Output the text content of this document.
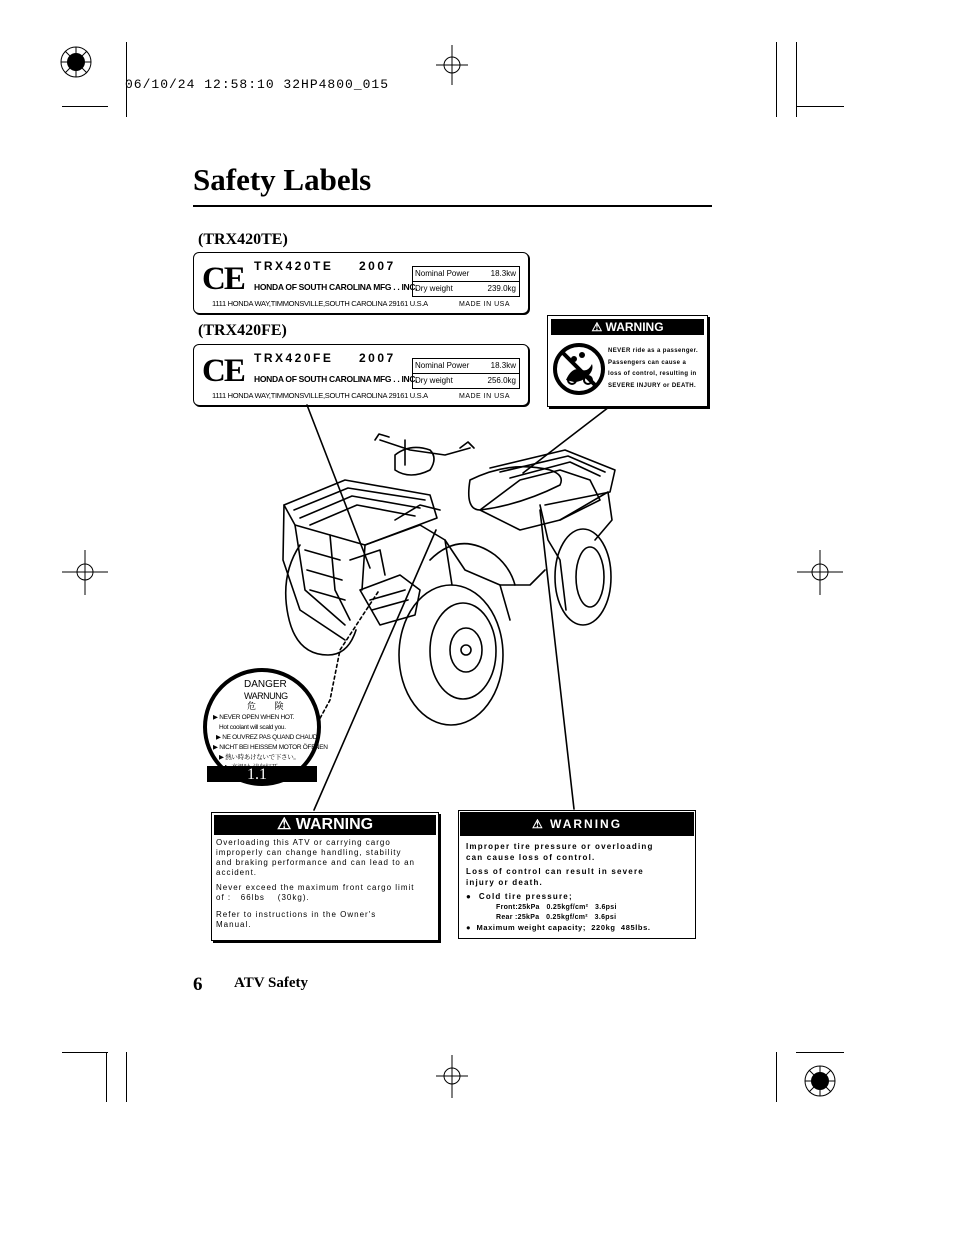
06/10/24 12:58:10 32HP4800_015
Safety Labels
(TRX420TE)
CE TRX420TE 2007
Nominal Power	18.3kw
Dry weight	239.0kg
HONDA OF SOUTH CAROLINA MFG . . INC.
1111 HONDA WAY,TIMMONSVILLE,SOUTH CAROLINA 29161 U.S.A	MADE IN USA
(TRX420FE)
CE TRX420FE 2007
Nominal Power	18.3kw
Dry weight	256.0kg
HONDA OF SOUTH CAROLINA MFG . . INC.
1111 HONDA WAY,TIMMONSVILLE,SOUTH CAROLINA 29161 U.S.A	MADE IN USA
⚠ WARNING
NEVER ride as a passenger.
Passengers can cause a
loss of control, resulting in
SEVERE INJURY or DEATH.
DANGER
WARNUNG
危 険
▶ NEVER OPEN WHEN HOT.
Hot coolant will scald you.
▶ NE OUVREZ PAS QUAND CHAUD.
▶ NICHT BEI HEISSEM MOTOR ÖFFNEN
▶ 熱い時あけないで下さい。

1.1
⚠ WARNING
Overloading this ATV or carrying cargo
improperly can change handling, stability
and braking performance and can lead to an
accident.
Never exceed the maximum front cargo limit
of :   66lbs    (30kg).
Refer to instructions in the Owner's
Manual.
⚠ WARNING
Improper tire pressure or overloading
can cause loss of control.
Loss of control can result in severe
injury or death.
●  Cold tire pressure;
Front:25kPa   0.25kgf/cm²   3.6psi
Rear :25kPa   0.25kgf/cm²   3.6psi
●  Maximum weight capacity;  220kg  485lbs.
6 ATV Safety
